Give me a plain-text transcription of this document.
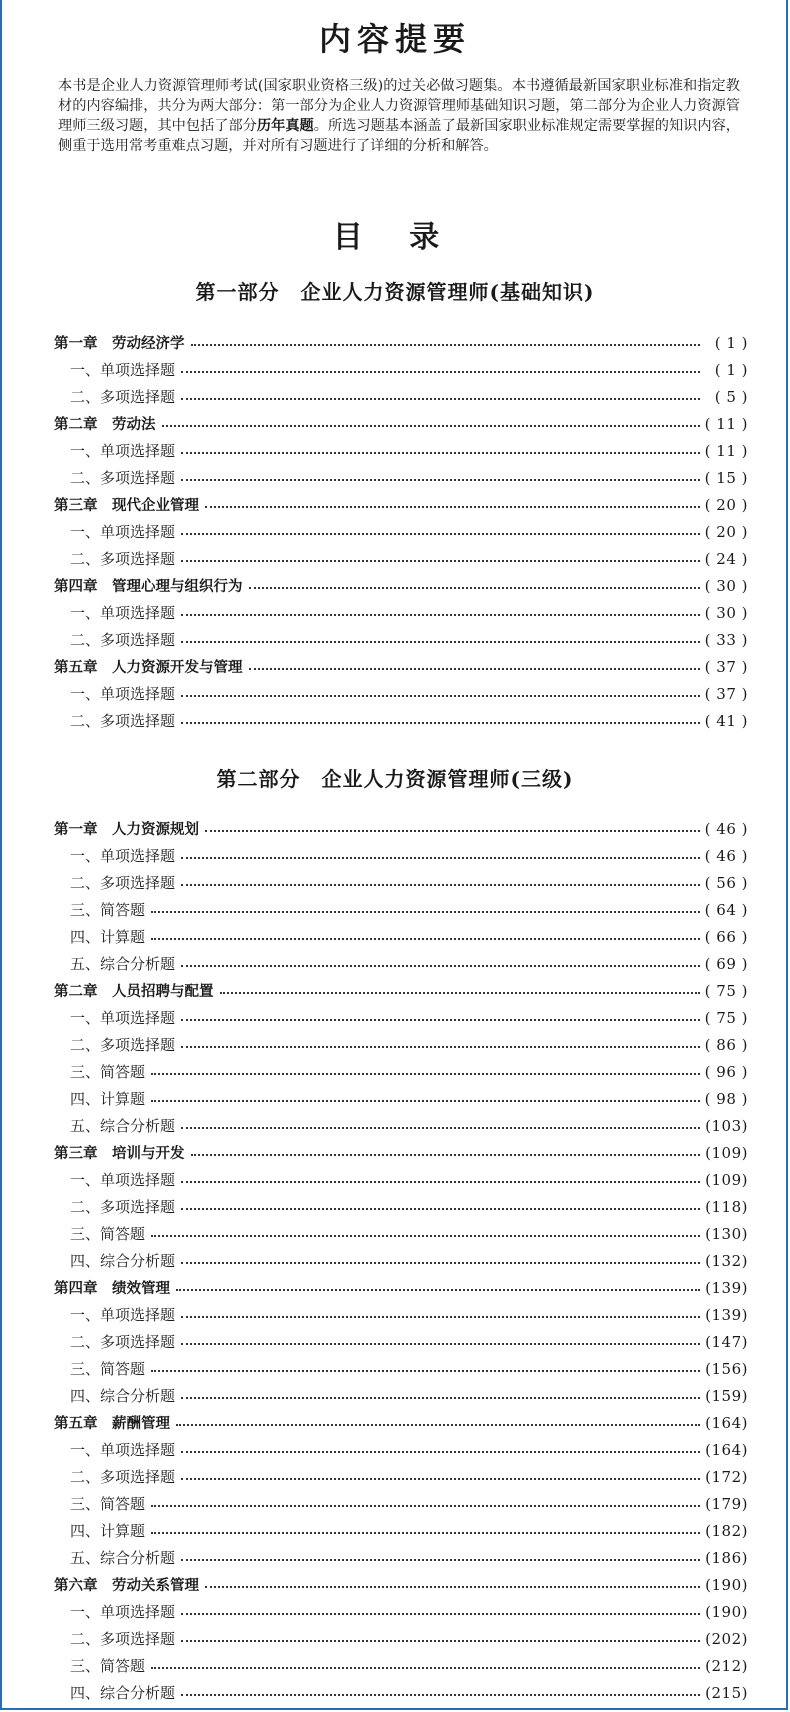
内容提要
本书是企业人力资源管理师考试(国家职业资格三级)的过关必做习题集。本书遵循最新国家职业标准和指定教材的内容编排，共分为两大部分：第一部分为企业人力资源管理师基础知识习题，第二部分为企业人力资源管理师三级习题，其中包括了部分历年真题。所选习题基本涵盖了最新国家职业标准规定需要掌握的知识内容，侧重于选用常考重难点习题，并对所有习题进行了详细的分析和解答。
目 录
第一部分　企业人力资源管理师(基础知识)
第一章　劳动经济学	( 1 )
一、单项选择题	( 1 )
二、多项选择题	( 5 )
第二章　劳动法	( 11 )
一、单项选择题	( 11 )
二、多项选择题	( 15 )
第三章　现代企业管理	( 20 )
一、单项选择题	( 20 )
二、多项选择题	( 24 )
第四章　管理心理与组织行为	( 30 )
一、单项选择题	( 30 )
二、多项选择题	( 33 )
第五章　人力资源开发与管理	( 37 )
一、单项选择题	( 37 )
二、多项选择题	( 41 )
第二部分　企业人力资源管理师(三级)
第一章　人力资源规划	( 46 )
一、单项选择题	( 46 )
二、多项选择题	( 56 )
三、简答题	( 64 )
四、计算题	( 66 )
五、综合分析题	( 69 )
第二章　人员招聘与配置	( 75 )
一、单项选择题	( 75 )
二、多项选择题	( 86 )
三、简答题	( 96 )
四、计算题	( 98 )
五、综合分析题	(103)
第三章　培训与开发	(109)
一、单项选择题	(109)
二、多项选择题	(118)
三、简答题	(130)
四、综合分析题	(132)
第四章　绩效管理	(139)
一、单项选择题	(139)
二、多项选择题	(147)
三、简答题	(156)
四、综合分析题	(159)
第五章　薪酬管理	(164)
一、单项选择题	(164)
二、多项选择题	(172)
三、简答题	(179)
四、计算题	(182)
五、综合分析题	(186)
第六章　劳动关系管理	(190)
一、单项选择题	(190)
二、多项选择题	(202)
三、简答题	(212)
四、综合分析题	(215)
